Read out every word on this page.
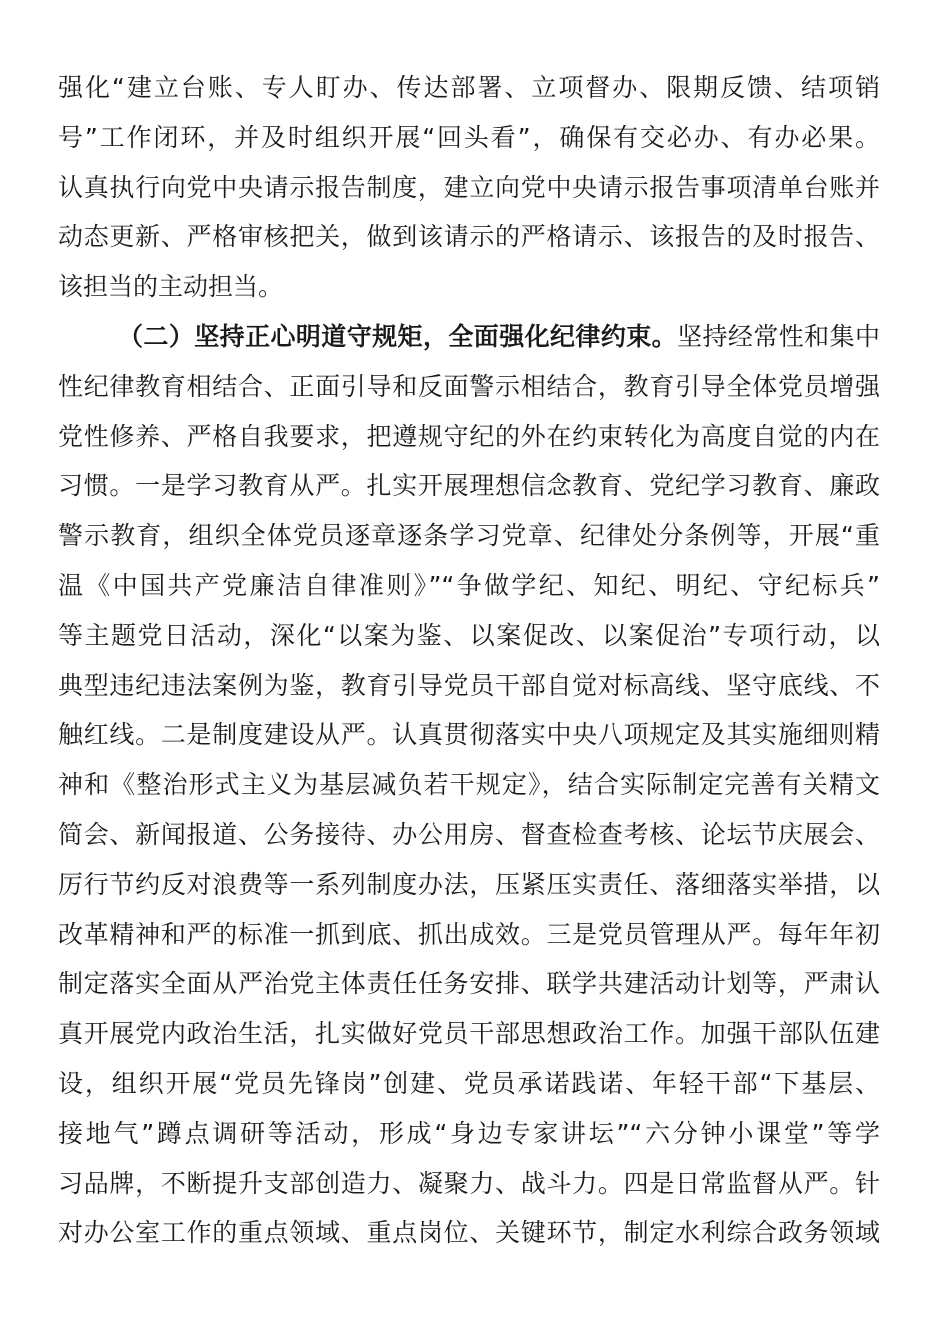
强化“建立台账、专人盯办、传达部署、立项督办、限期反馈、结项销
号”工作闭环，并及时组织开展“回头看”，确保有交必办、有办必果。
认真执行向党中央请示报告制度，建立向党中央请示报告事项清单台账并
动态更新、严格审核把关，做到该请示的严格请示、该报告的及时报告、
该担当的主动担当。
（二）坚持正心明道守规矩，全面强化纪律约束。坚持经常性和集中
性纪律教育相结合、正面引导和反面警示相结合，教育引导全体党员增强
党性修养、严格自我要求，把遵规守纪的外在约束转化为高度自觉的内在
习惯。一是学习教育从严。扎实开展理想信念教育、党纪学习教育、廉政
警示教育，组织全体党员逐章逐条学习党章、纪律处分条例等，开展“重
温《中国共产党廉洁自律准则》”“争做学纪、知纪、明纪、守纪标兵”
等主题党日活动，深化“以案为鉴、以案促改、以案促治”专项行动，以
典型违纪违法案例为鉴，教育引导党员干部自觉对标高线、坚守底线、不
触红线。二是制度建设从严。认真贯彻落实中央八项规定及其实施细则精
神和《整治形式主义为基层减负若干规定》，结合实际制定完善有关精文
简会、新闻报道、公务接待、办公用房、督查检查考核、论坛节庆展会、
厉行节约反对浪费等一系列制度办法，压紧压实责任、落细落实举措，以
改革精神和严的标准一抓到底、抓出成效。三是党员管理从严。每年年初
制定落实全面从严治党主体责任任务安排、联学共建活动计划等，严肃认
真开展党内政治生活，扎实做好党员干部思想政治工作。加强干部队伍建
设，组织开展“党员先锋岗”创建、党员承诺践诺、年轻干部“下基层、
接地气”蹲点调研等活动，形成“身边专家讲坛”“六分钟小课堂”等学
习品牌，不断提升支部创造力、凝聚力、战斗力。四是日常监督从严。针
对办公室工作的重点领域、重点岗位、关键环节，制定水利综合政务领域
